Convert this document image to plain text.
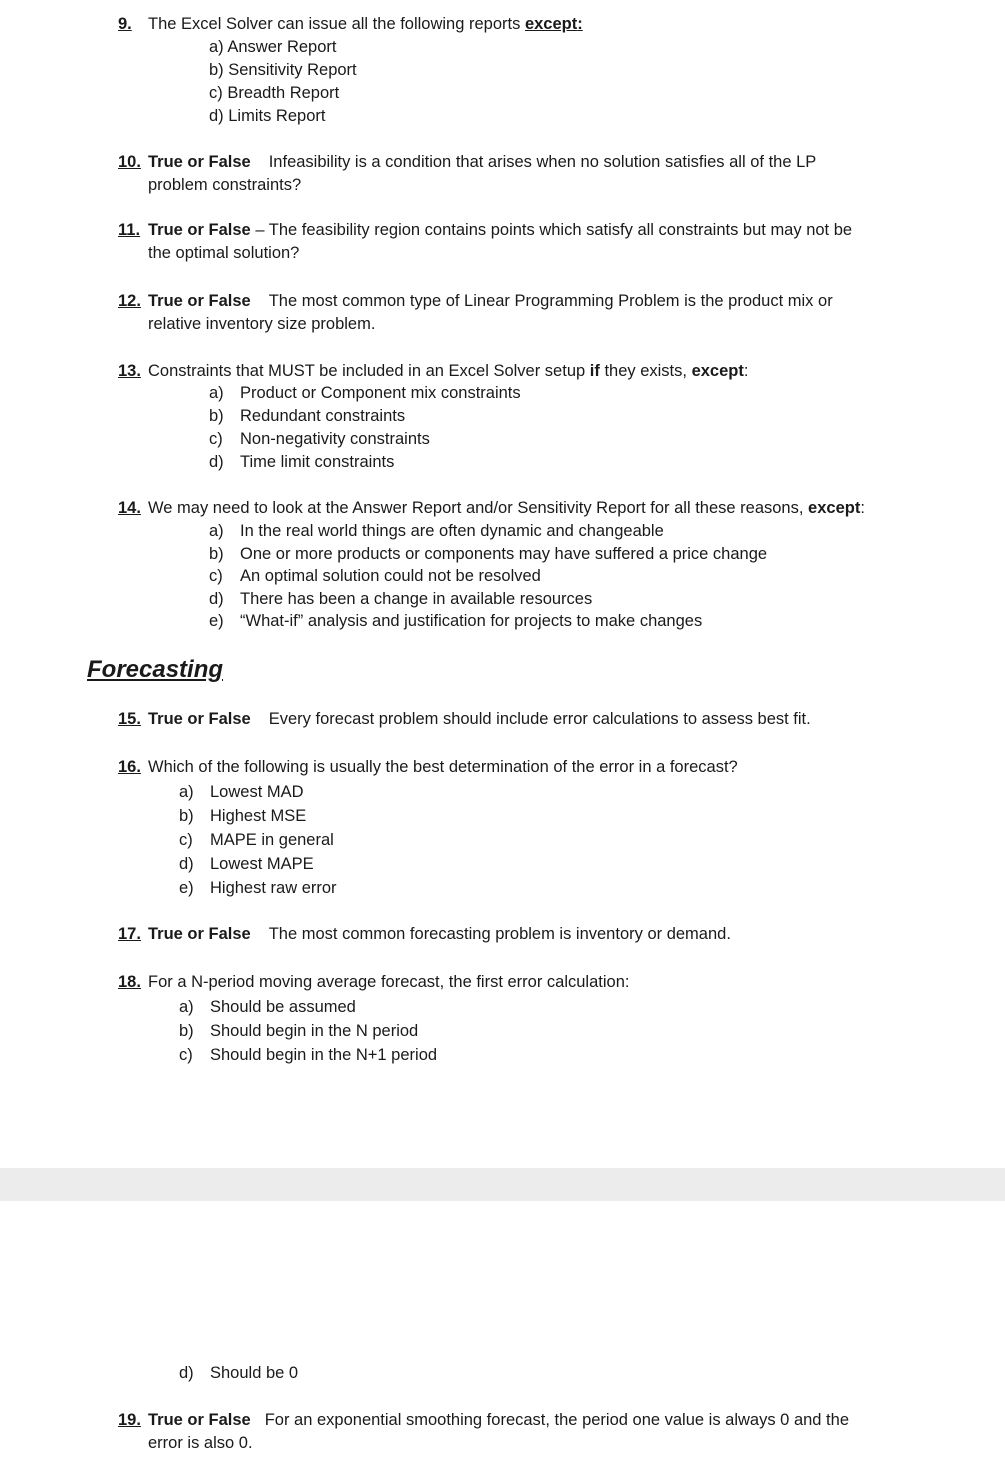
9. The Excel Solver can issue all the following reports except:
a) Answer Report
b) Sensitivity Report
c) Breadth Report
d) Limits Report
10. True or False Infeasibility is a condition that arises when no solution satisfies all of the LP
problem constraints?
11. True or False – The feasibility region contains points which satisfy all constraints but may not be
the optimal solution?
12. True or False The most common type of Linear Programming Problem is the product mix or
relative inventory size problem.
13. Constraints that MUST be included in an Excel Solver setup if they exists, except:
a) Product or Component mix constraints
b) Redundant constraints
c) Non-negativity constraints
d) Time limit constraints
14. We may need to look at the Answer Report and/or Sensitivity Report for all these reasons, except:
a) In the real world things are often dynamic and changeable
b) One or more products or components may have suffered a price change
c) An optimal solution could not be resolved
d) There has been a change in available resources
e) “What-if” analysis and justification for projects to make changes
Forecasting
15. True or False Every forecast problem should include error calculations to assess best fit.
16. Which of the following is usually the best determination of the error in a forecast?
a) Lowest MAD
b) Highest MSE
c) MAPE in general
d) Lowest MAPE
e) Highest raw error
17. True or False The most common forecasting problem is inventory or demand.
18. For a N-period moving average forecast, the first error calculation:
a) Should be assumed
b) Should begin in the N period
c) Should begin in the N+1 period
d) Should be 0
19. True or False For an exponential smoothing forecast, the period one value is always 0 and the
error is also 0.
